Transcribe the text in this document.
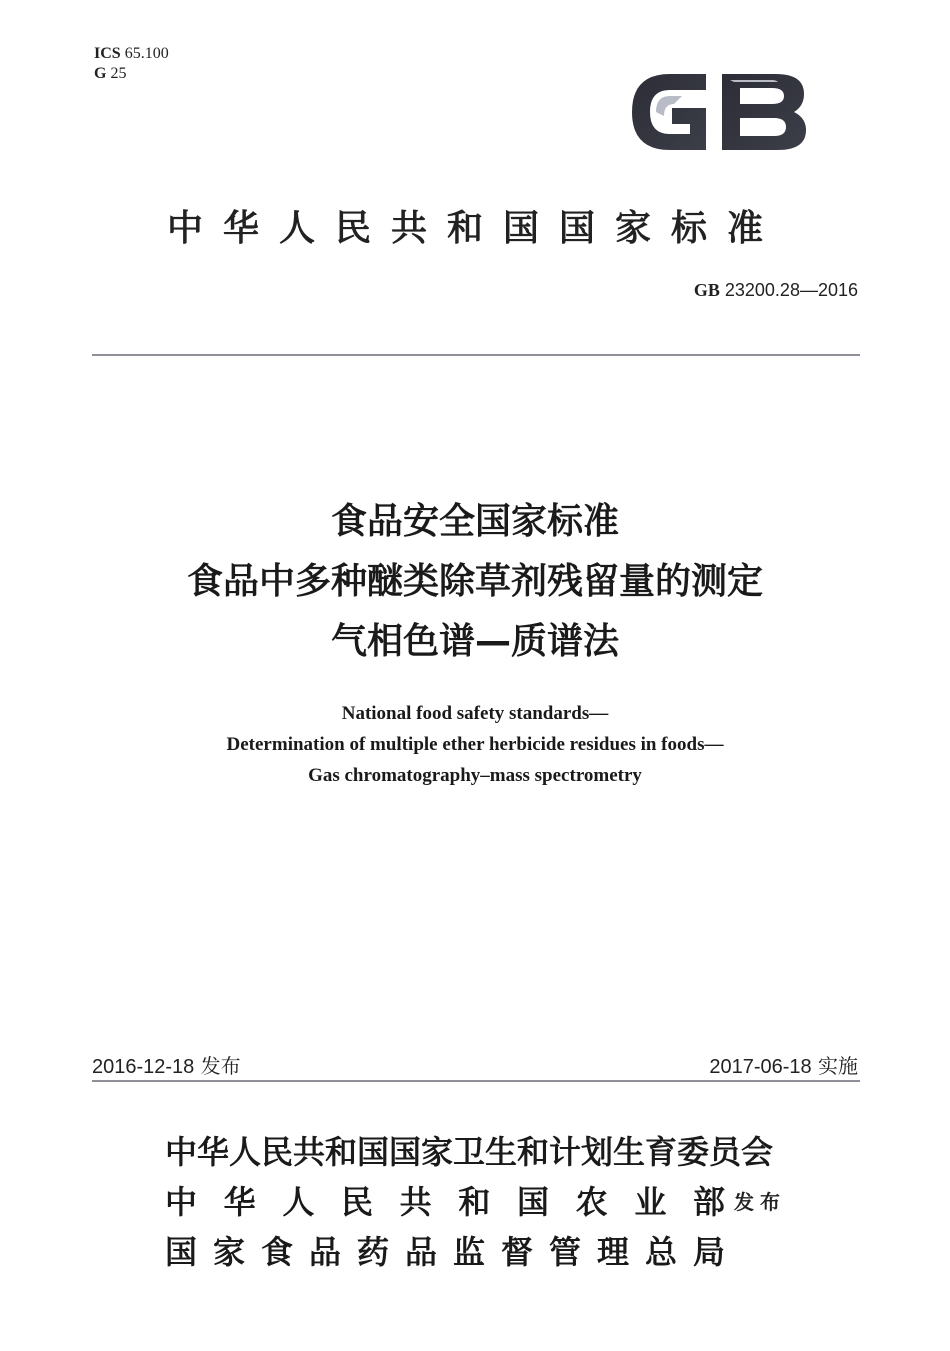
ICS 65.100
G 25	GB
中华人民共和国国家标准
GB 23200.28—2016
食品安全国家标准
食品中多种醚类除草剂残留量的测定
气相色谱—质谱法
National food safety standards—
Determination of multiple ether herbicide residues in foods—
Gas chromatography–mass spectrometry
2016-12-18 发布	2017-06-18 实施
中华人民共和国国家卫生和计划生育委员会
中华人民共和国农业部
国家食品药品监督管理总局
发布
